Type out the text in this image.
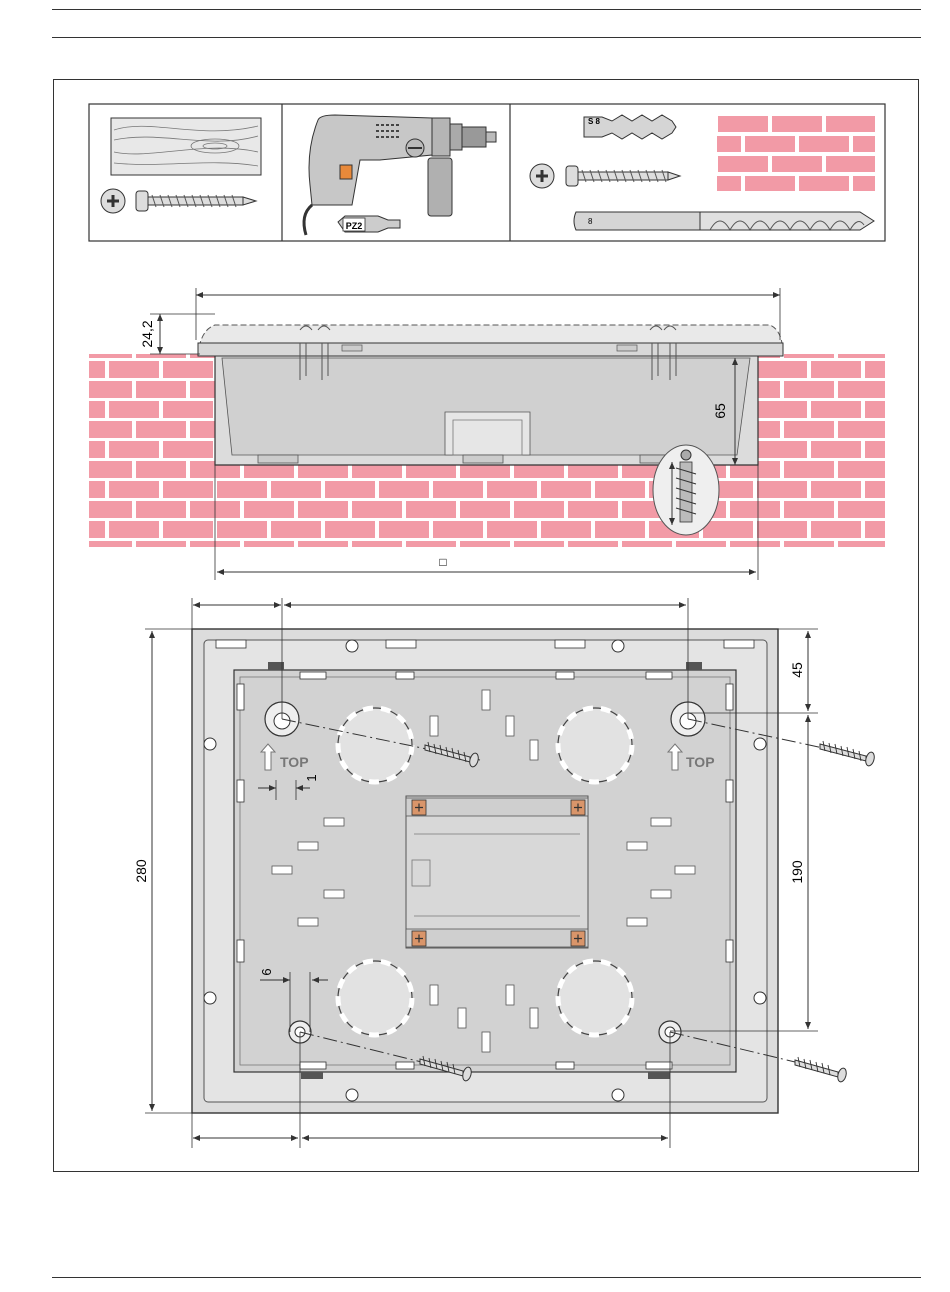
PZ2
S 8
8
24,2
65
□
TOP	TOP
280
45
190
1
6
